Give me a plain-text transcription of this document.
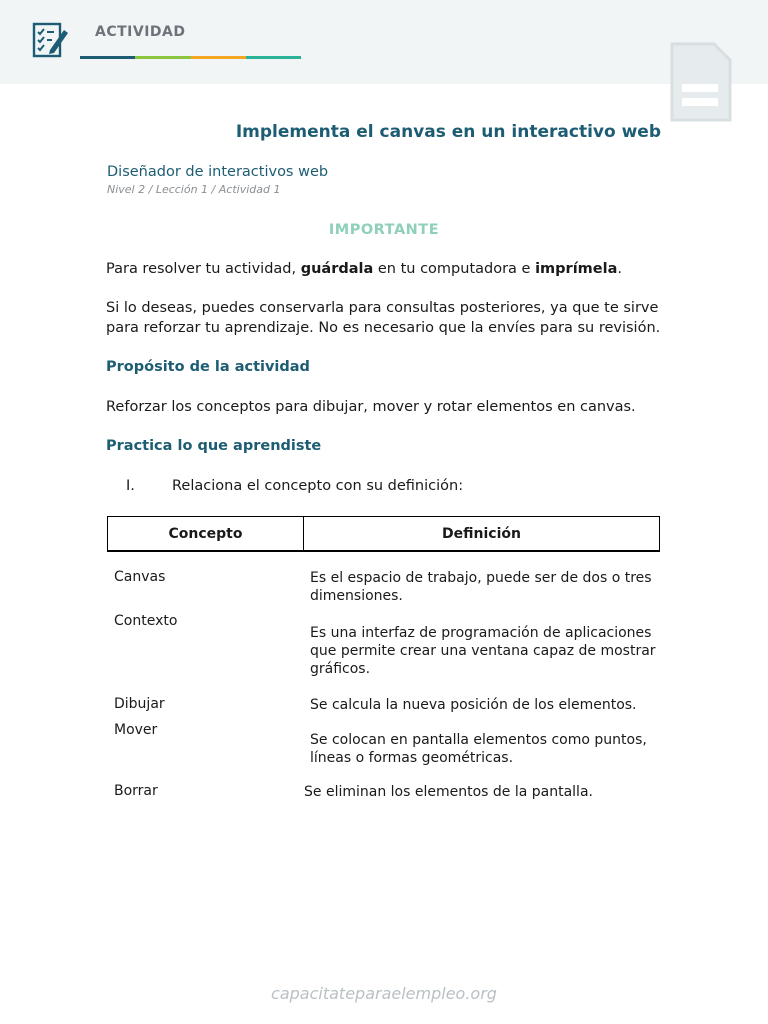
ACTIVIDAD
Implementa el canvas en un interactivo web
Diseñador de interactivos web
Nivel 2 / Lección 1 / Actividad 1
IMPORTANTE
Para resolver tu actividad, guárdala en tu computadora e imprímela.
Si lo deseas, puedes conservarla para consultas posteriores, ya que te sirve para reforzar tu aprendizaje. No es necesario que la envíes para su revisión.
Propósito de la actividad
Reforzar los conceptos para dibujar, mover y rotar elementos en canvas.
Practica lo que aprendiste
I.	Relaciona el concepto con su definición:
Concepto	Definición
Canvas
Contexto
Dibujar
Mover
Borrar
Es el espacio de trabajo, puede ser de dos o tres dimensiones.
Es una interfaz de programación de aplicaciones que permite crear una ventana capaz de mostrar gráficos.
Se calcula la nueva posición de los elementos.
Se colocan en pantalla elementos como puntos, líneas o formas geométricas.
Se eliminan los elementos de la pantalla.
capacitateparaelempleo.org
